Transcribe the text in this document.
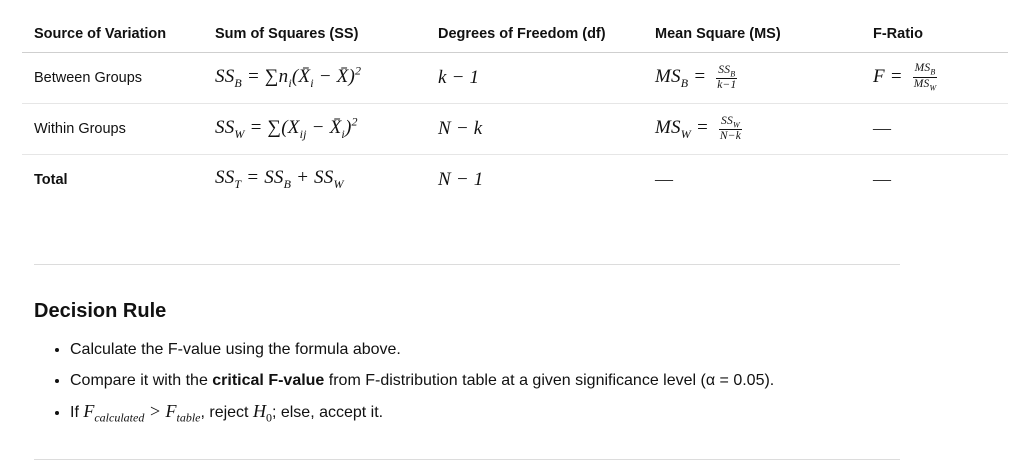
Source of Variation	Sum of Squares (SS)	Degrees of Freedom (df)	Mean Square (MS)	F-Ratio
Between Groups	$SS_B$ = $\sum n_i(X̄_i$ − X̄)$^2$	k − 1	$MS_B = \frac{SS_B}{k-1}$	$F = \frac{MS_B}{MS_W}$

Within Groups	$SS_W = \sum(X_{ij}$ − $X̄_i)^2$	N − k	$MS_W = \frac{SS_W}{N-k}$	—
Total	$SS_T = SS_B + SS_W$	N − 1	—	—
Decision Rule
• Calculate the F-value using the formula above.
• Compare it with the critical F-value from F-distribution table at a given significance level (α = 0.05).
• If $F_{calculated} > F_{table}$, reject $H_0$; else, accept it.
